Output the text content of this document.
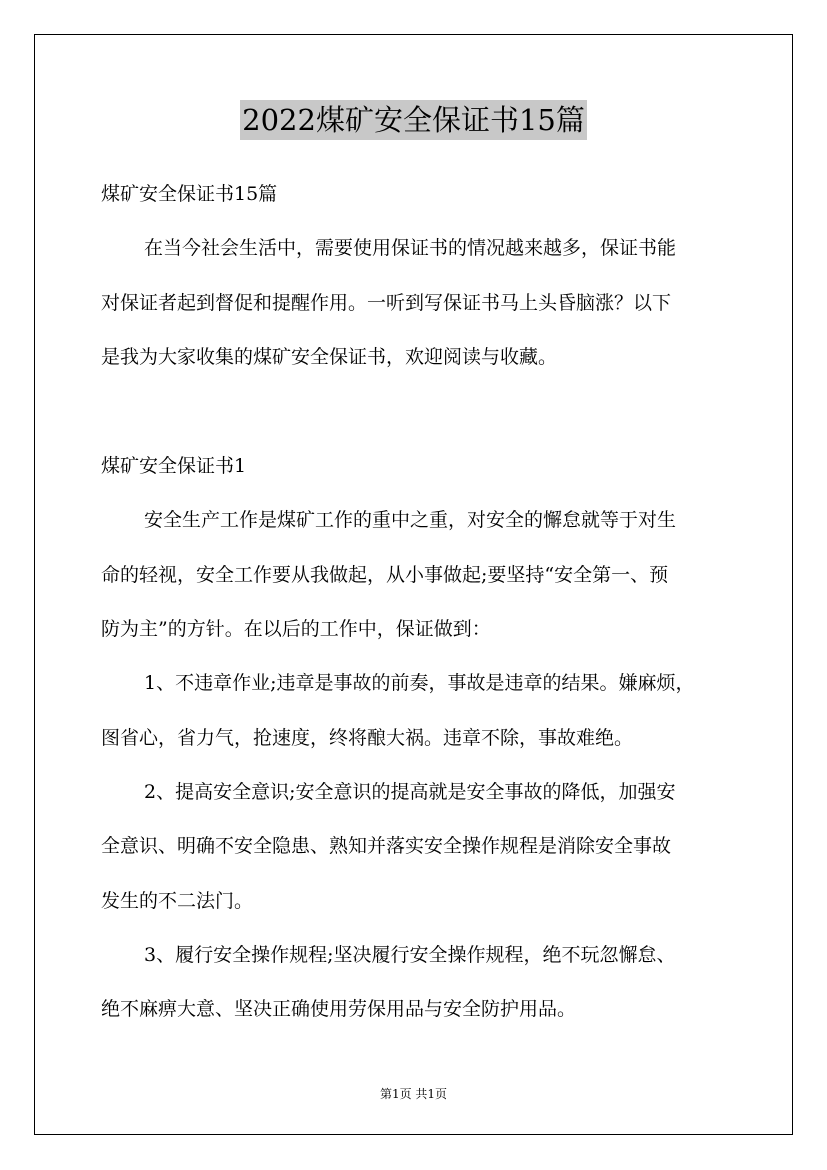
2022煤矿安全保证书15篇
煤矿安全保证书15篇
在当今社会生活中，需要使用保证书的情况越来越多，保证书能
对保证者起到督促和提醒作用。一听到写保证书马上头昏脑涨？以下
是我为大家收集的煤矿安全保证书，欢迎阅读与收藏。
煤矿安全保证书1
安全生产工作是煤矿工作的重中之重，对安全的懈怠就等于对生
命的轻视，安全工作要从我做起，从小事做起;要坚持“安全第一、预
防为主”的方针。在以后的工作中，保证做到：
1、不违章作业;违章是事故的前奏，事故是违章的结果。嫌麻烦，
图省心，省力气，抢速度，终将酿大祸。违章不除，事故难绝。
2、提高安全意识;安全意识的提高就是安全事故的降低，加强安
全意识、明确不安全隐患、熟知并落实安全操作规程是消除安全事故
发生的不二法门。
3、履行安全操作规程;坚决履行安全操作规程，绝不玩忽懈怠、
绝不麻痹大意、坚决正确使用劳保用品与安全防护用品。
第1页 共1页
